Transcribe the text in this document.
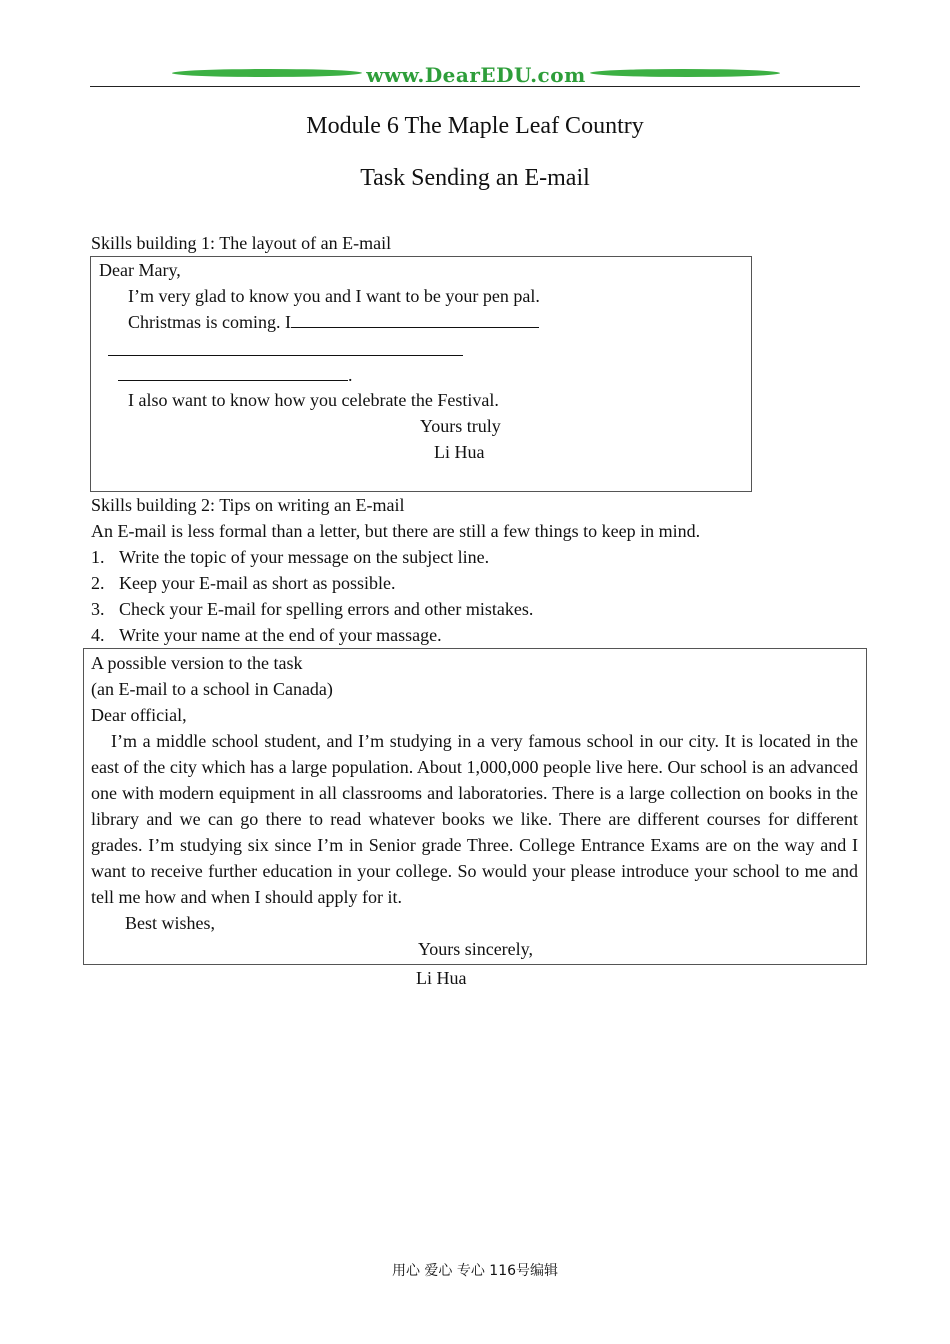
www.DearEDU.com
Module 6 The Maple Leaf Country
Task Sending an E-mail
Skills building 1: The layout of an E-mail
Dear Mary,
I’m very glad to know you and I want to be your pen pal.
Christmas is coming. I
.
I also want to know how you celebrate the Festival.
Yours truly
Li Hua
Skills building 2: Tips on writing an E-mail
An E-mail is less formal than a letter, but there are still a few things to keep in mind.
1. Write the topic of your message on the subject line.
2. Keep your E-mail as short as possible.
3. Check your E-mail for spelling errors and other mistakes.
4. Write your name at the end of your massage.
A possible version to the task
(an E-mail to a school in Canada)
Dear official,
I’m a middle school student, and I’m studying in a very famous school in our city. It is located in the east of the city which has a large population. About 1,000,000 people live here. Our school is an advanced one with modern equipment in all classrooms and laboratories. There is a large collection on books in the library and we can go there to read whatever books we like. There are different courses for different grades. I’m studying six since I’m in Senior grade Three. College Entrance Exams are on the way and I want to receive further education in your college. So would your please introduce your school to me and tell me how and when I should apply for it.
Best wishes,
Yours sincerely,
Li Hua
用心 爱心 专心 116号编辑
